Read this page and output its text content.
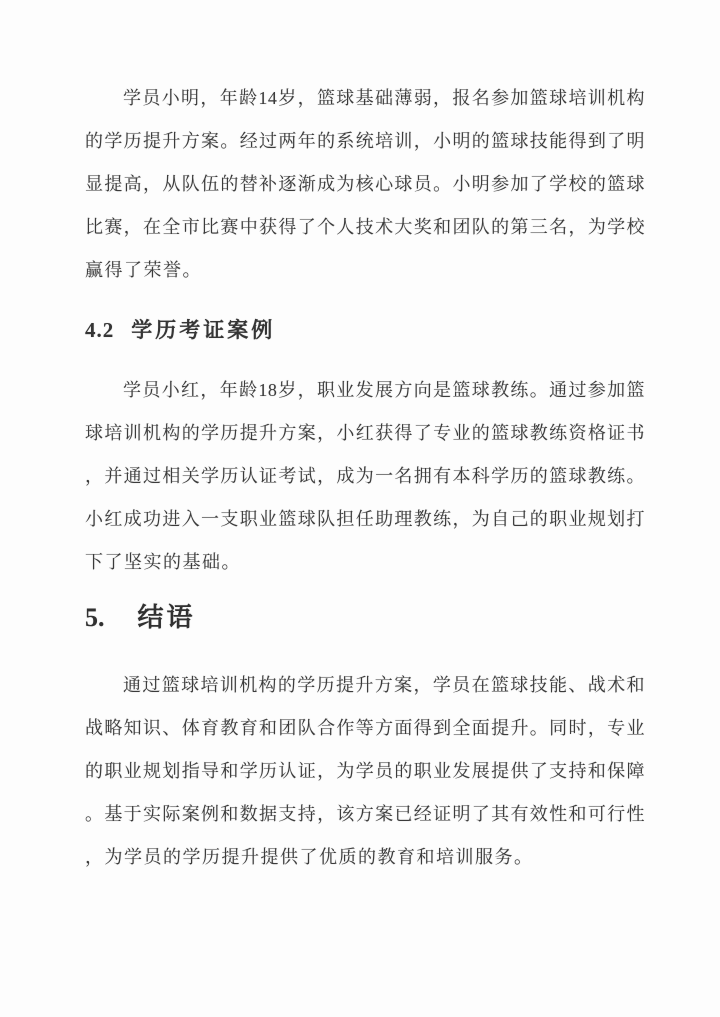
学员小明，年龄14岁，篮球基础薄弱，报名参加篮球培训机构
的学历提升方案。经过两年的系统培训，小明的篮球技能得到了明
显提高，从队伍的替补逐渐成为核心球员。小明参加了学校的篮球
比赛，在全市比赛中获得了个人技术大奖和团队的第三名，为学校
赢得了荣誉。
4.2 学历考证案例
学员小红，年龄18岁，职业发展方向是篮球教练。通过参加篮
球培训机构的学历提升方案，小红获得了专业的篮球教练资格证书
，并通过相关学历认证考试，成为一名拥有本科学历的篮球教练。
小红成功进入一支职业篮球队担任助理教练，为自己的职业规划打
下了坚实的基础。
5. 结语
通过篮球培训机构的学历提升方案，学员在篮球技能、战术和
战略知识、体育教育和团队合作等方面得到全面提升。同时，专业
的职业规划指导和学历认证，为学员的职业发展提供了支持和保障
。基于实际案例和数据支持，该方案已经证明了其有效性和可行性
，为学员的学历提升提供了优质的教育和培训服务。
